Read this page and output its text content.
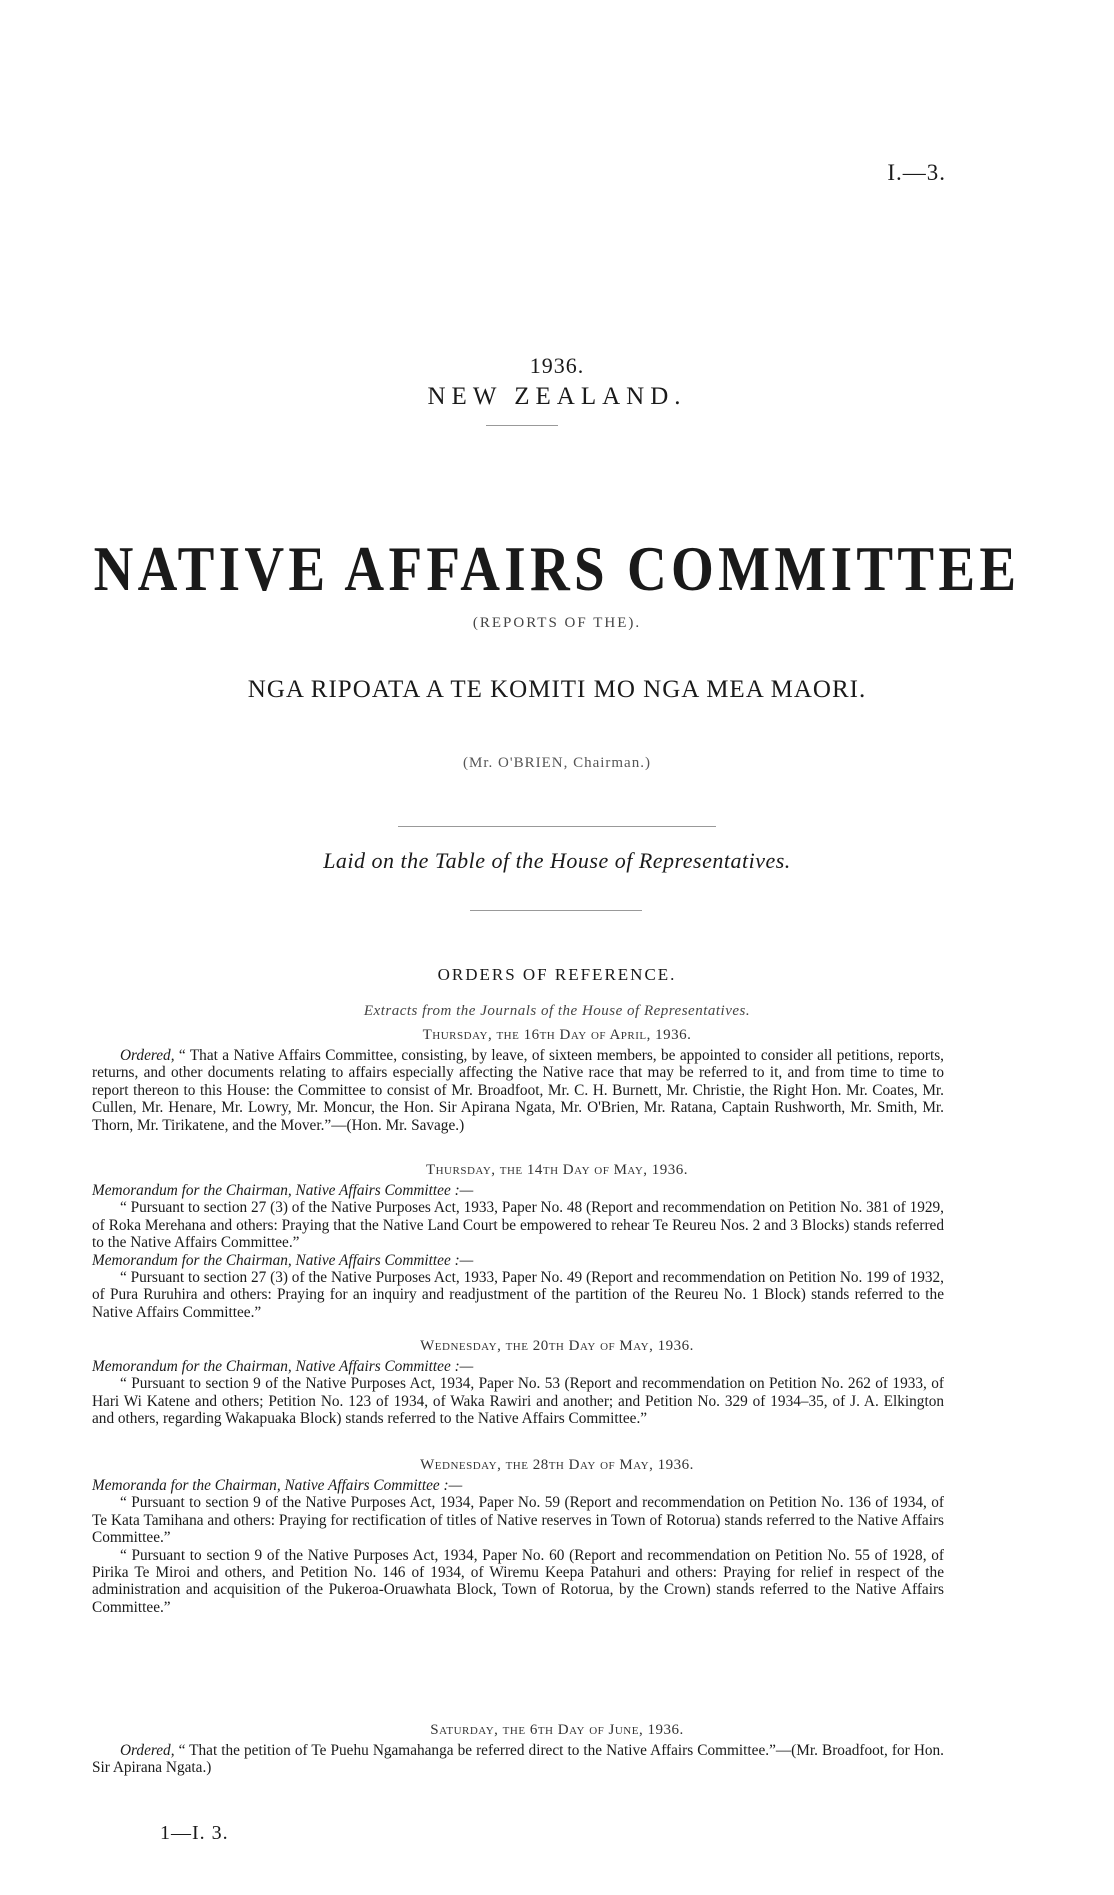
I.—3.
1936.
NEW ZEALAND.
NATIVE AFFAIRS COMMITTEE
(REPORTS OF THE).
NGA RIPOATA A TE KOMITI MO NGA MEA MAORI.
(Mr. O'BRIEN, Chairman.)
Laid on the Table of the House of Representatives.
ORDERS OF REFERENCE.
Extracts from the Journals of the House of Representatives.
Thursday, the 16th Day of April, 1936.

Ordered, “ That a Native Affairs Committee, consisting, by leave, of sixteen members, be appointed to consider all petitions, reports, returns, and other documents relating to affairs especially affecting the Native race that may be referred to it, and from time to time to report thereon to this House: the Committee to consist of Mr. Broadfoot, Mr. C. H. Burnett, Mr. Christie, the Right Hon. Mr. Coates, Mr. Cullen, Mr. Henare, Mr. Lowry, Mr. Moncur, the Hon. Sir Apirana Ngata, Mr. O'Brien, Mr. Ratana, Captain Rushworth, Mr. Smith, Mr. Thorn, Mr. Tirikatene, and the Mover.”—(Hon. Mr. Savage.)

Thursday, the 14th Day of May, 1936.

Memorandum for the Chairman, Native Affairs Committee :—

“ Pursuant to section 27 (3) of the Native Purposes Act, 1933, Paper No. 48 (Report and recommendation on Petition No. 381 of 1929, of Roka Merehana and others: Praying that the Native Land Court be empowered to rehear Te Reureu Nos. 2 and 3 Blocks) stands referred to the Native Affairs Committee.”

Memorandum for the Chairman, Native Affairs Committee :—

“ Pursuant to section 27 (3) of the Native Purposes Act, 1933, Paper No. 49 (Report and recommendation on Petition No. 199 of 1932, of Pura Ruruhira and others: Praying for an inquiry and readjustment of the partition of the Reureu No. 1 Block) stands referred to the Native Affairs Committee.”

Wednesday, the 20th Day of May, 1936.

Memorandum for the Chairman, Native Affairs Committee :—

“ Pursuant to section 9 of the Native Purposes Act, 1934, Paper No. 53 (Report and recommendation on Petition No. 262 of 1933, of Hari Wi Katene and others; Petition No. 123 of 1934, of Waka Rawiri and another; and Petition No. 329 of 1934–35, of J. A. Elkington and others, regarding Wakapuaka Block) stands referred to the Native Affairs Committee.”

Wednesday, the 28th Day of May, 1936.

Memoranda for the Chairman, Native Affairs Committee :—

“ Pursuant to section 9 of the Native Purposes Act, 1934, Paper No. 59 (Report and recommendation on Petition No. 136 of 1934, of Te Kata Tamihana and others: Praying for rectification of titles of Native reserves in Town of Rotorua) stands referred to the Native Affairs Committee.”

“ Pursuant to section 9 of the Native Purposes Act, 1934, Paper No. 60 (Report and recommendation on Petition No. 55 of 1928, of Pirika Te Miroi and others, and Petition No. 146 of 1934, of Wiremu Keepa Patahuri and others: Praying for relief in respect of the administration and acquisition of the Pukeroa-Oruawhata Block, Town of Rotorua, by the Crown) stands referred to the Native Affairs Committee.”

Saturday, the 6th Day of June, 1936.

Ordered, “ That the petition of Te Puehu Ngamahanga be referred direct to the Native Affairs Committee.”—(Mr. Broadfoot, for Hon. Sir Apirana Ngata.)

1—I. 3.
